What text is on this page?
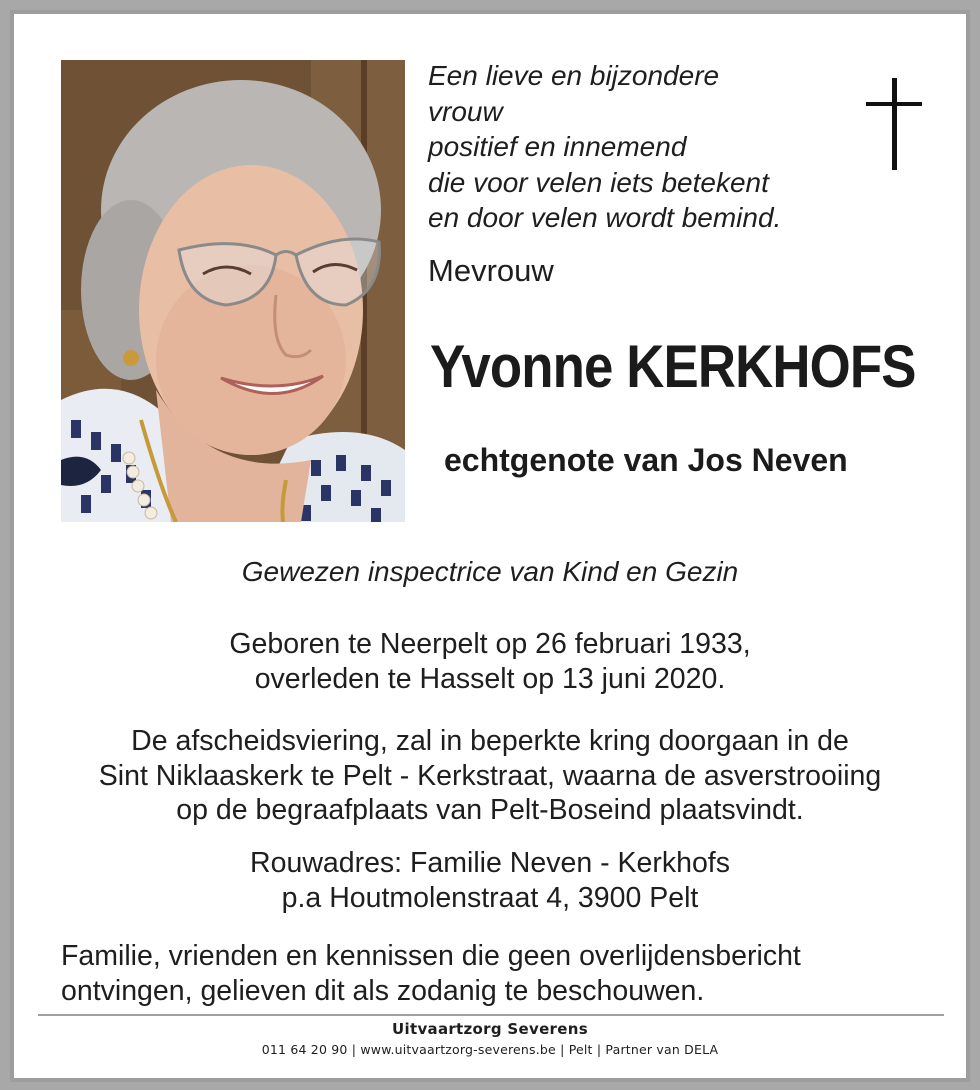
Een lieve en bijzondere
vrouw
positief en innemend
die voor velen iets betekent
en door velen wordt bemind.
Mevrouw
Yvonne KERKHOFS
echtgenote van Jos Neven
Gewezen inspectrice van Kind en Gezin
Geboren te Neerpelt op 26 februari 1933,
overleden te Hasselt op 13 juni 2020.
De afscheidsviering, zal in beperkte kring doorgaan in de
Sint Niklaaskerk te Pelt - Kerkstraat, waarna de asverstrooiing
op de begraafplaats van Pelt-Boseind plaatsvindt.
Rouwadres: Familie Neven - Kerkhofs
p.a Houtmolenstraat 4, 3900 Pelt
Familie, vrienden en kennissen die geen overlijdensbericht
ontvingen, gelieven dit als zodanig te beschouwen.
Uitvaartzorg Severens
011 64 20 90 | www.uitvaartzorg-severens.be | Pelt | Partner van DELA
